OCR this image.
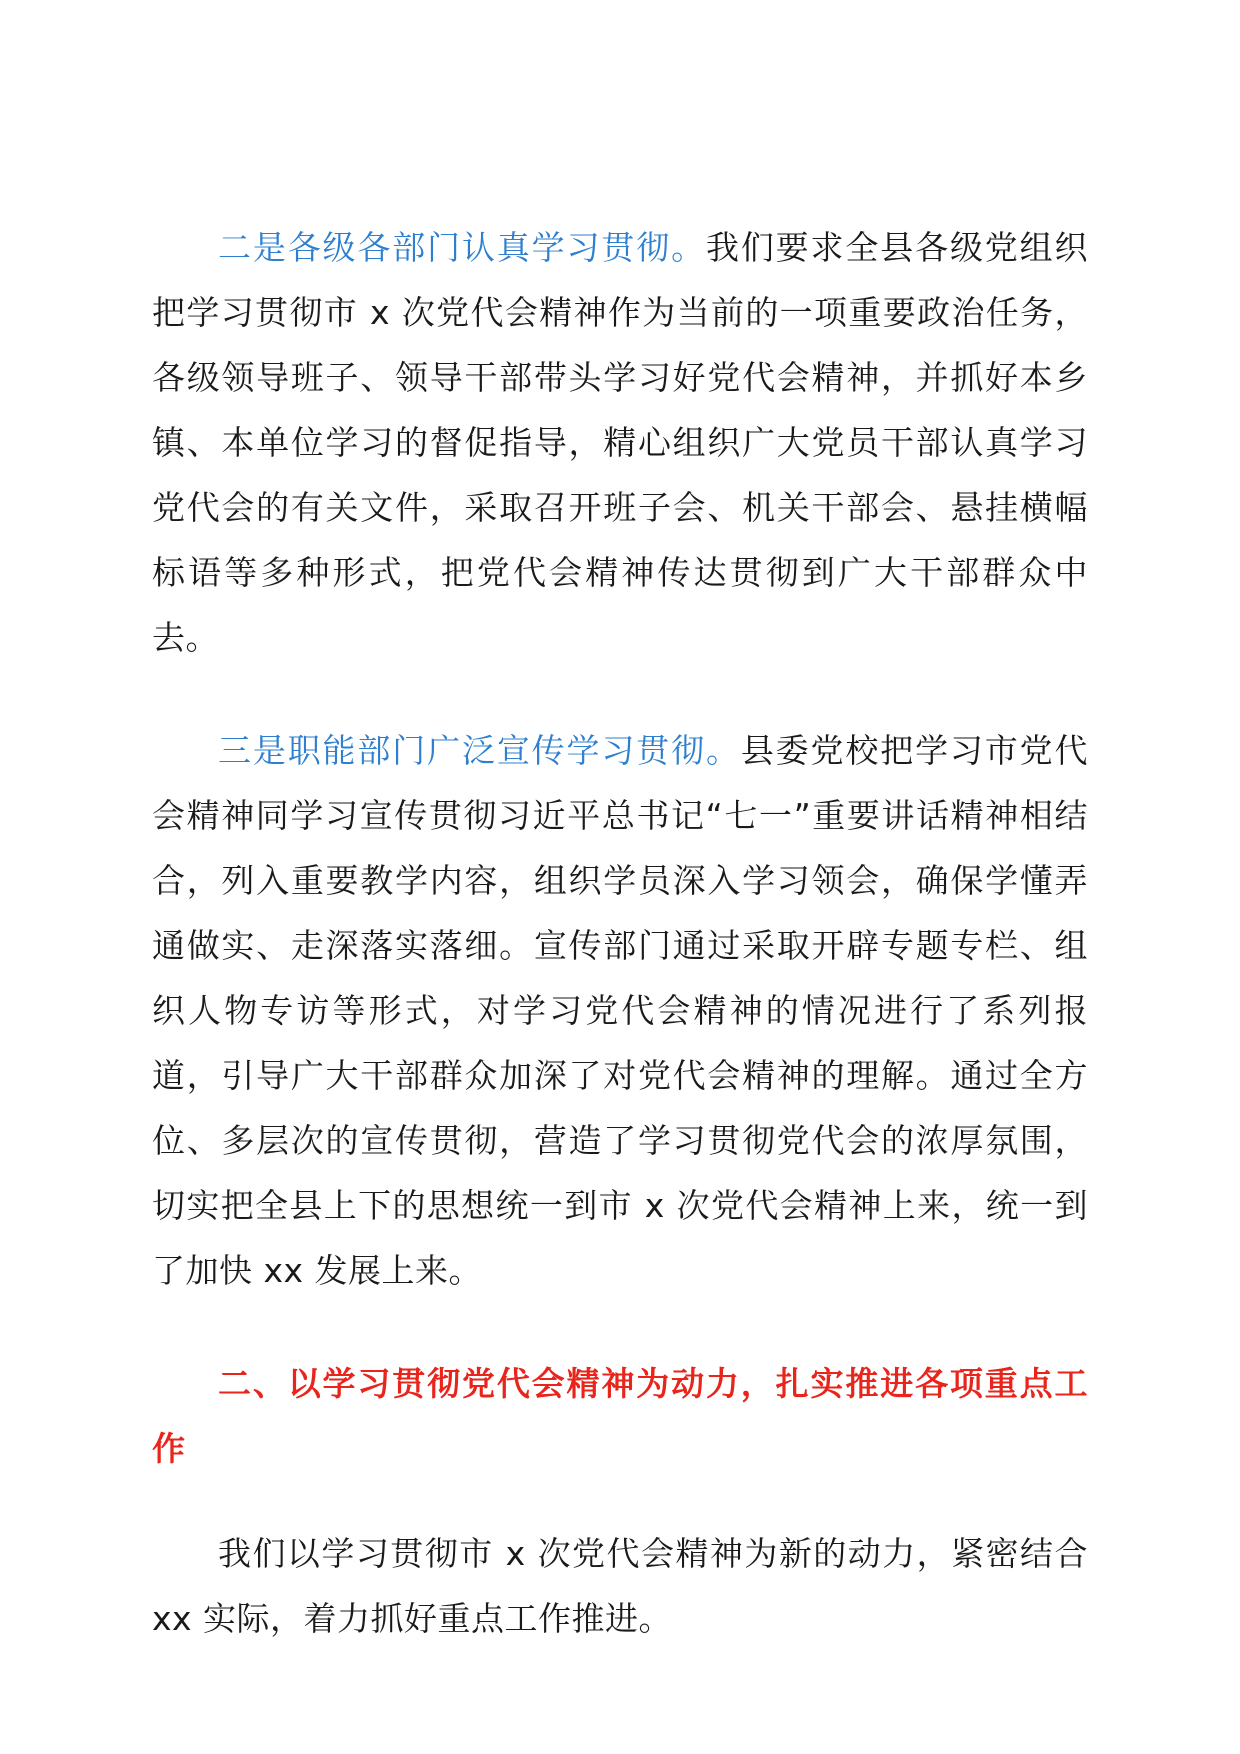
二是各级各部门认真学习贯彻。我们要求全县各级党组织把学习贯彻市 x 次党代会精神作为当前的一项重要政治任务，各级领导班子、领导干部带头学习好党代会精神，并抓好本乡镇、本单位学习的督促指导，精心组织广大党员干部认真学习党代会的有关文件，采取召开班子会、机关干部会、悬挂横幅标语等多种形式，把党代会精神传达贯彻到广大干部群众中去。

三是职能部门广泛宣传学习贯彻。县委党校把学习市党代会精神同学习宣传贯彻习近平总书记“七一”重要讲话精神相结合，列入重要教学内容，组织学员深入学习领会，确保学懂弄通做实、走深落实落细。宣传部门通过采取开辟专题专栏、组织人物专访等形式，对学习党代会精神的情况进行了系列报道，引导广大干部群众加深了对党代会精神的理解。通过全方位、多层次的宣传贯彻，营造了学习贯彻党代会的浓厚氛围，切实把全县上下的思想统一到市 x 次党代会精神上来，统一到了加快 xx 发展上来。

二、以学习贯彻党代会精神为动力，扎实推进各项重点工作

我们以学习贯彻市 x 次党代会精神为新的动力，紧密结合 xx 实际，着力抓好重点工作推进。
